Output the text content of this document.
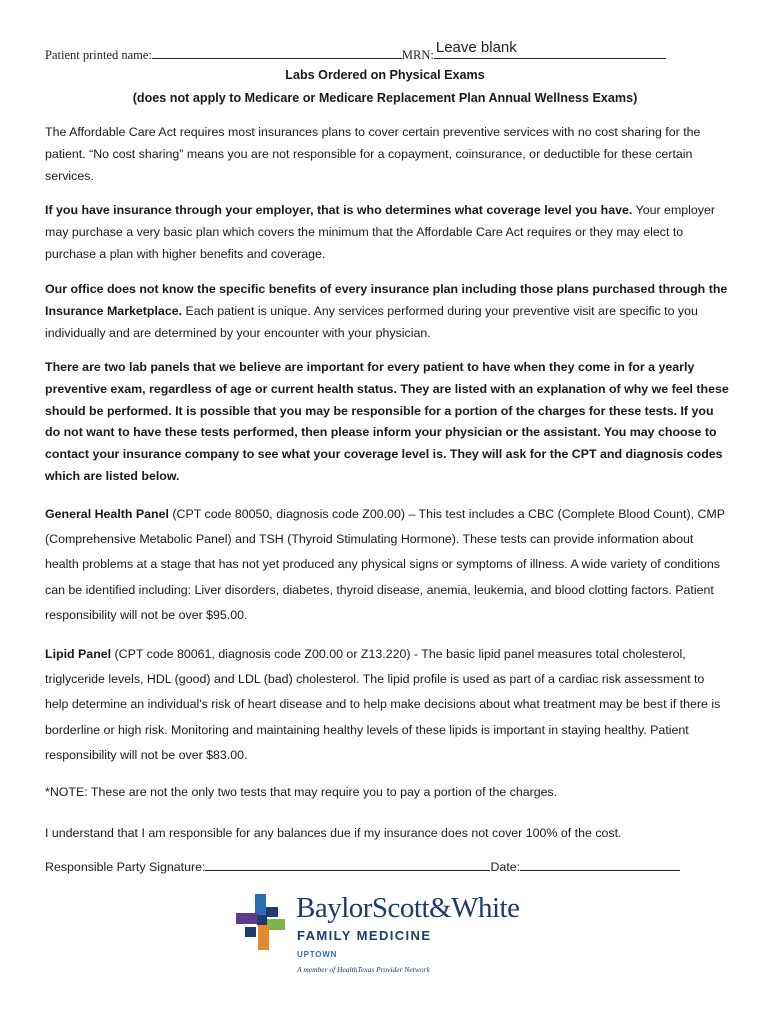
Patient printed name:	MRN: Leave blank
Labs Ordered on Physical Exams
(does not apply to Medicare or Medicare Replacement Plan Annual Wellness Exams)
The Affordable Care Act requires most insurances plans to cover certain preventive services with no cost sharing for the patient. “No cost sharing” means you are not responsible for a copayment, coinsurance, or deductible for these certain services.
If you have insurance through your employer, that is who determines what coverage level you have. Your employer may purchase a very basic plan which covers the minimum that the Affordable Care Act requires or they may elect to purchase a plan with higher benefits and coverage.
Our office does not know the specific benefits of every insurance plan including those plans purchased through the Insurance Marketplace. Each patient is unique. Any services performed during your preventive visit are specific to you individually and are determined by your encounter with your physician.
There are two lab panels that we believe are important for every patient to have when they come in for a yearly preventive exam, regardless of age or current health status. They are listed with an explanation of why we feel these should be performed. It is possible that you may be responsible for a portion of the charges for these tests. If you do not want to have these tests performed, then please inform your physician or the assistant. You may choose to contact your insurance company to see what your coverage level is. They will ask for the CPT and diagnosis codes which are listed below.
General Health Panel (CPT code 80050, diagnosis code Z00.00) – This test includes a CBC (Complete Blood Count), CMP (Comprehensive Metabolic Panel) and TSH (Thyroid Stimulating Hormone). These tests can provide information about health problems at a stage that has not yet produced any physical signs or symptoms of illness. A wide variety of conditions can be identified including: Liver disorders, diabetes, thyroid disease, anemia, leukemia, and blood clotting factors. Patient responsibility will not be over $95.00.
Lipid Panel (CPT code 80061, diagnosis code Z00.00 or Z13.220) - The basic lipid panel measures total cholesterol, triglyceride levels, HDL (good) and LDL (bad) cholesterol. The lipid profile is used as part of a cardiac risk assessment to help determine an individual's risk of heart disease and to help make decisions about what treatment may be best if there is borderline or high risk. Monitoring and maintaining healthy levels of these lipids is important in staying healthy. Patient responsibility will not be over $83.00.
*NOTE: These are not the only two tests that may require you to pay a portion of the charges.
I understand that I am responsible for any balances due if my insurance does not cover 100% of the cost.
Responsible Party Signature:	Date:
BaylorScott&White
FAMILY MEDICINE
UPTOWN
A member of HealthTexas Provider Network
